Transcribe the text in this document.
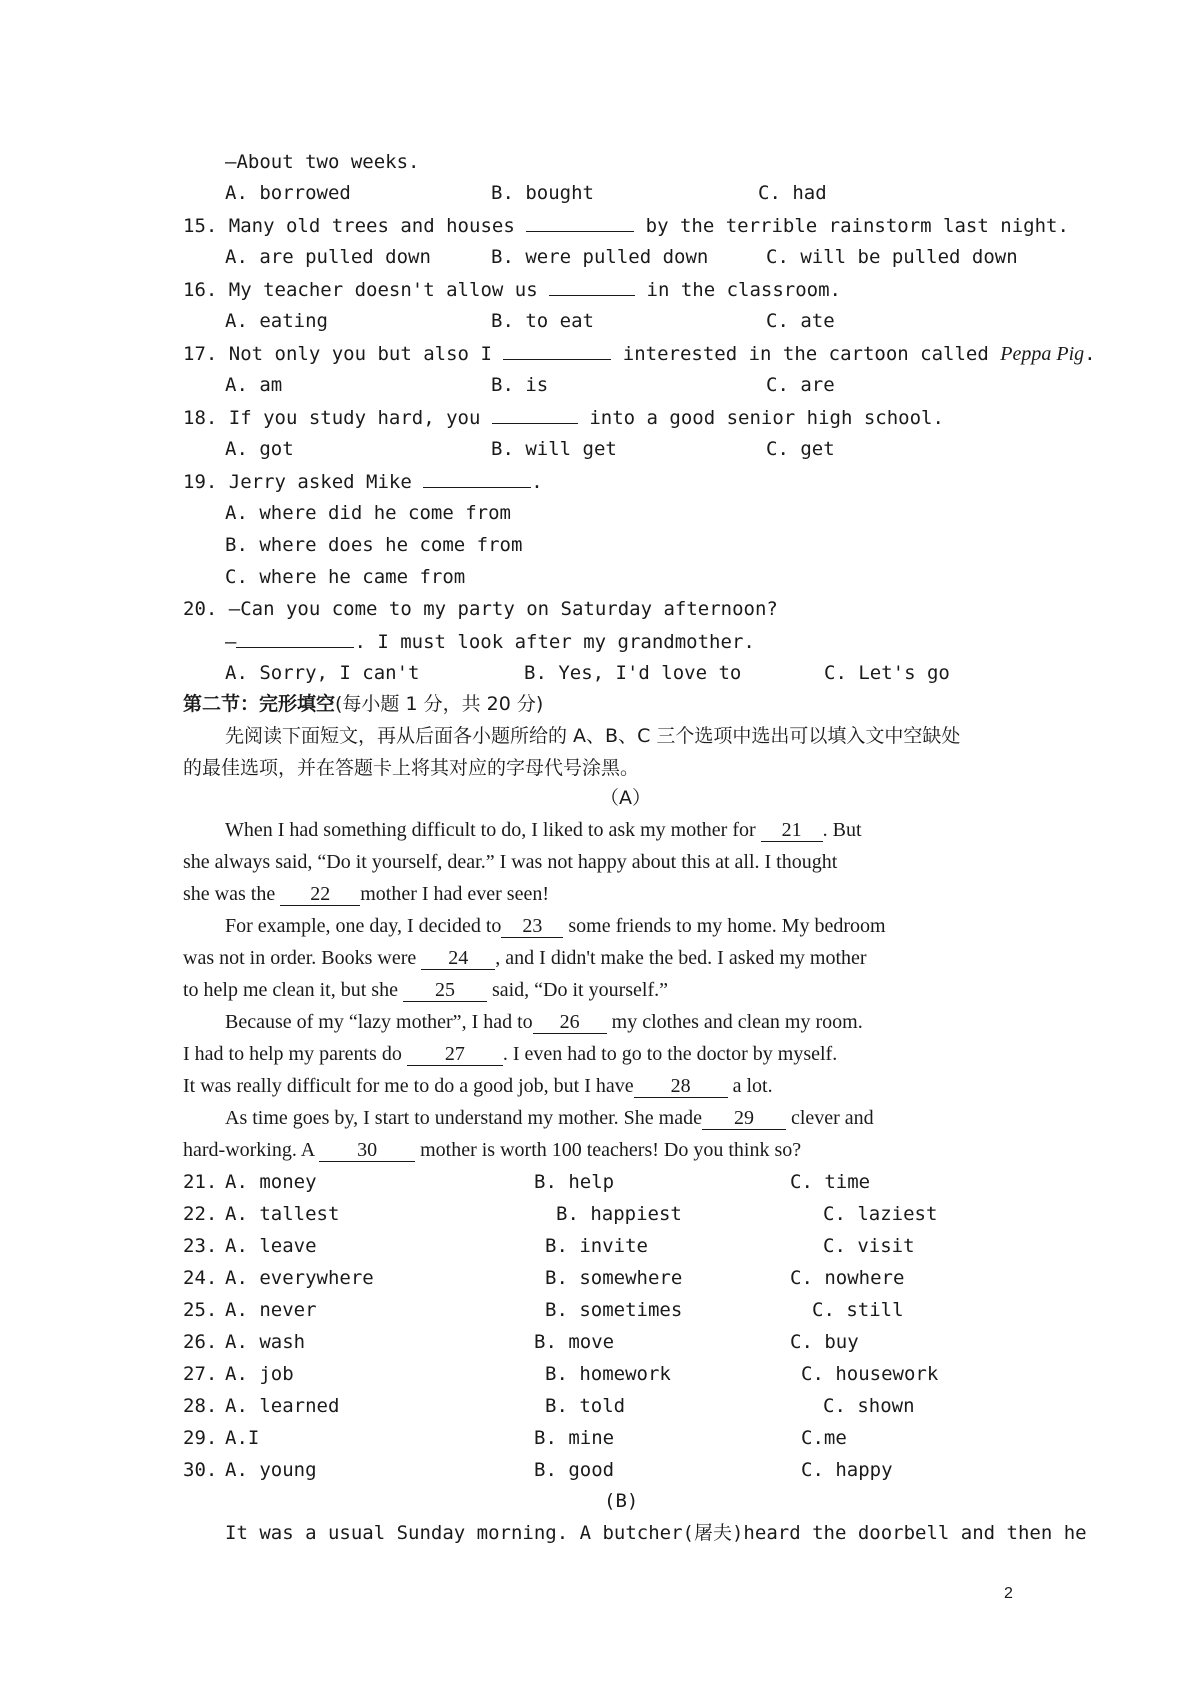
—About two weeks.
A. borrowed	B. bought	C. had
15. Many old trees and houses	by the terrible rainstorm last night.
A. are pulled down	B. were pulled down	C. will be pulled down
16. My teacher doesn't allow us	in the classroom.
A. eating	B. to eat	C. ate
17. Not only you but also I	interested in the cartoon called Peppa Pig.
A. am	B. is	C. are
18. If you study hard, you	into a good senior high school.
A. got	B. will get	C. get
19. Jerry asked Mike	.
A. where did he come from
B. where does he come from
C. where he came from
20. —Can you come to my party on Saturday afternoon?
—	. I must look after my grandmother.
A. Sorry, I can't	B. Yes, I'd love to	C. Let's go
第二节：完形填空(每小题 1 分，共 20 分)
先阅读下面短文，再从后面各小题所给的 A、B、C 三个选项中选出可以填入文中空缺处
的最佳选项，并在答题卡上将其对应的字母代号涂黑。
（A）
When I had something difficult to do, I liked to ask my mother for 21 . But
she always said, “Do it yourself, dear.” I was not happy about this at all. I thought
she was the 22 mother I had ever seen!
For example, one day, I decided to 23 some friends to my home. My bedroom
was not in order. Books were 24 , and I didn't make the bed. I asked my mother
to help me clean it, but she 25 said, “Do it yourself.”
Because of my “lazy mother”, I had to 26 my clothes and clean my room.
I had to help my parents do 27 . I even had to go to the doctor by myself.
It was really difficult for me to do a good job, but I have 28 a lot.
As time goes by, I start to understand my mother. She made 29 clever and
hard-working. A 30 mother is worth 100 teachers! Do you think so?
21. A. money	B. help	C. time
22. A. tallest	B. happiest	C. laziest
23. A. leave	B. invite	C. visit
24. A. everywhere	B. somewhere	C. nowhere
25. A. never	B. sometimes	C. still
26. A. wash	B. move	C. buy
27. A. job	B. homework	C. housework
28. A. learned	B. told	C. shown
29. A.I	B. mine	C.me
30. A. young	B. good	C. happy
(B)
It was a usual Sunday morning. A butcher(屠夫)heard the doorbell and then he
2
